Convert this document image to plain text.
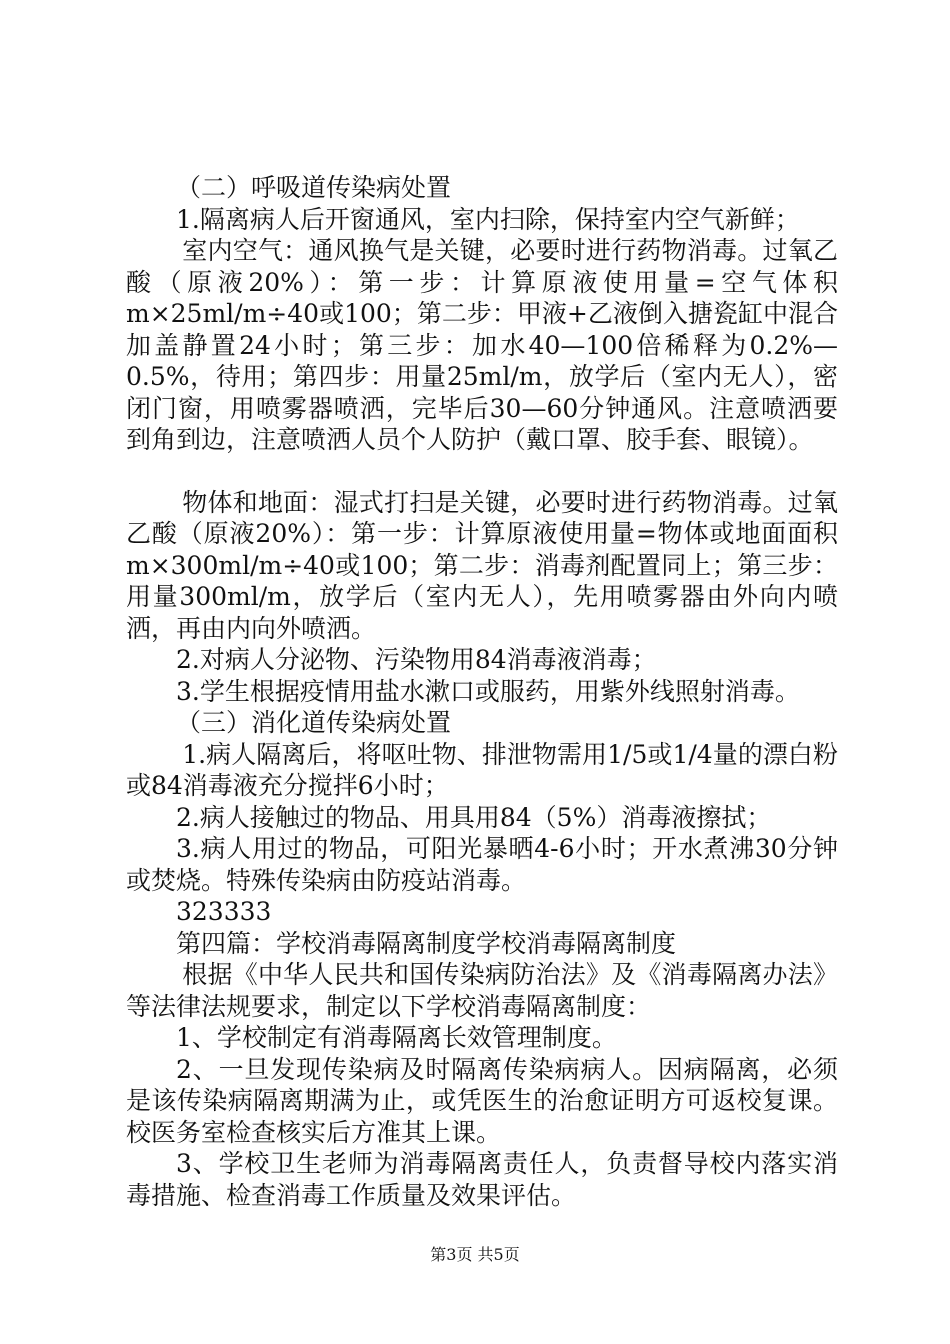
（二）呼吸道传染病处置

1.隔离病人后开窗通风，室内扫除，保持室内空气新鲜；

室内空气：通风换气是关键，必要时进行药物消毒。过氧乙酸（原液20%）：第一步：计算原液使用量=空气体积m×25ml/m÷40或100；第二步：甲液+乙液倒入搪瓷缸中混合加盖静置24小时；第三步：加水40—100倍稀释为0.2%—0.5%，待用；第四步：用量25ml/m，放学后（室内无人），密闭门窗，用喷雾器喷洒，完毕后30—60分钟通风。注意喷洒要到角到边，注意喷洒人员个人防护（戴口罩、胶手套、眼镜）。

物体和地面：湿式打扫是关键，必要时进行药物消毒。过氧乙酸（原液20%）：第一步：计算原液使用量=物体或地面面积m×300ml/m÷40或100；第二步：消毒剂配置同上；第三步：用量300ml/m，放学后（室内无人），先用喷雾器由外向内喷洒，再由内向外喷洒。

2.对病人分泌物、污染物用84消毒液消毒；

3.学生根据疫情用盐水漱口或服药，用紫外线照射消毒。

（三）消化道传染病处置

1.病人隔离后，将呕吐物、排泄物需用1/5或1/4量的漂白粉或84消毒液充分搅拌6小时；

2.病人接触过的物品、用具用84（5%）消毒液擦拭；

3.病人用过的物品，可阳光暴晒4-6小时；开水煮沸30分钟或焚烧。特殊传染病由防疫站消毒。

323333

第四篇：学校消毒隔离制度学校消毒隔离制度

根据《中华人民共和国传染病防治法》及《消毒隔离办法》等法律法规要求，制定以下学校消毒隔离制度：

1、学校制定有消毒隔离长效管理制度。

2、一旦发现传染病及时隔离传染病病人。因病隔离，必须是该传染病隔离期满为止，或凭医生的治愈证明方可返校复课。校医务室检查核实后方准其上课。

3、学校卫生老师为消毒隔离责任人，负责督导校内落实消毒措施、检查消毒工作质量及效果评估。

第3页 共5页
